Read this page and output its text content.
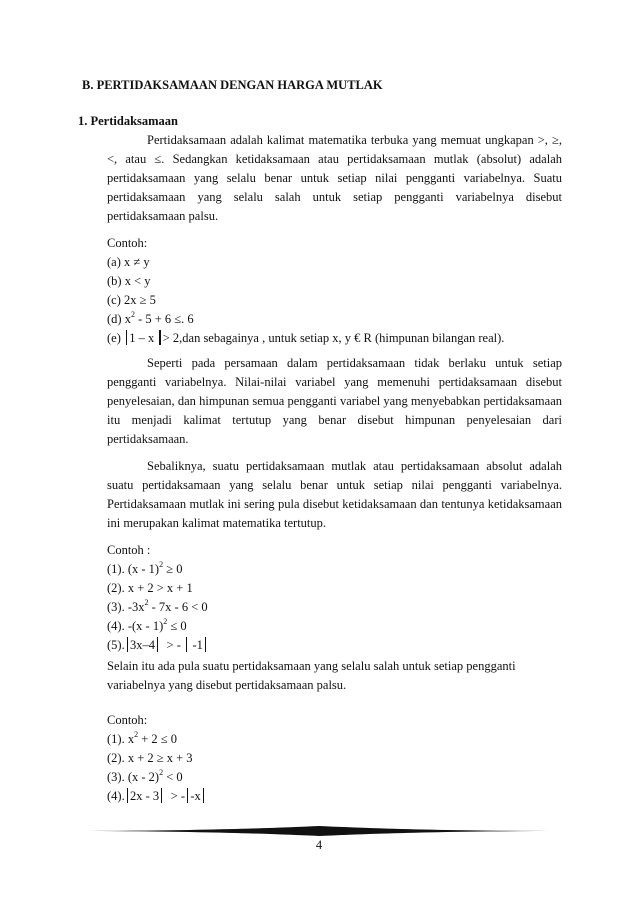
B. PERTIDAKSAMAAN DENGAN HARGA MUTLAK
1. Pertidaksamaan

Pertidaksamaan adalah kalimat matematika terbuka yang memuat ungkapan >, ≥, <, atau ≤. Sedangkan ketidaksamaan atau pertidaksamaan mutlak (absolut) adalah pertidaksamaan yang selalu benar untuk setiap nilai pengganti variabelnya. Suatu pertidaksamaan yang selalu salah untuk setiap pengganti variabelnya disebut pertidaksamaan palsu.

Contoh:
(a) x ≠ y
(b) x < y
(c) 2x ≥ 5
(d) $x^2 - 5 + 6$ ≤. 6
(e) 1 – x > 2,dan sebagainya , untuk setiap x, y € R (himpunan bilangan real).

Seperti pada persamaan dalam pertidaksamaan tidak berlaku untuk setiap pengganti variabelnya. Nilai-nilai variabel yang memenuhi pertidaksamaan disebut penyelesaian, dan himpunan semua pengganti variabel yang menyebabkan pertidaksamaan itu menjadi kalimat tertutup yang benar disebut himpunan penyelesaian dari pertidaksamaan.

Sebaliknya, suatu pertidaksamaan mutlak atau pertidaksamaan absolut adalah suatu pertidaksamaan yang selalu benar untuk setiap nilai pengganti variabelnya. Pertidaksamaan mutlak ini sering pula disebut ketidaksamaan dan tentunya ketidaksamaan ini merupakan kalimat matematika tertutup.

Contoh :
(1). (x - 1)$^2$ ≥ 0
(2). x + 2 > x + 1
(3). $-3x^2 - 7x - 6 < 0$
(4). -(x - 1)$^2$ ≤ 0
(5). 3x–4 > - -1
Selain itu ada pula suatu pertidaksamaan yang selalu salah untuk setiap pengganti variabelnya yang disebut pertidaksamaan palsu.
Contoh:
(1). $x^2 + 2 \le 0$
(2). x + 2 ≥ x + 3
(3). (x - 2)$^2$ < 0
(4). 2x - 3 > - -x
4
